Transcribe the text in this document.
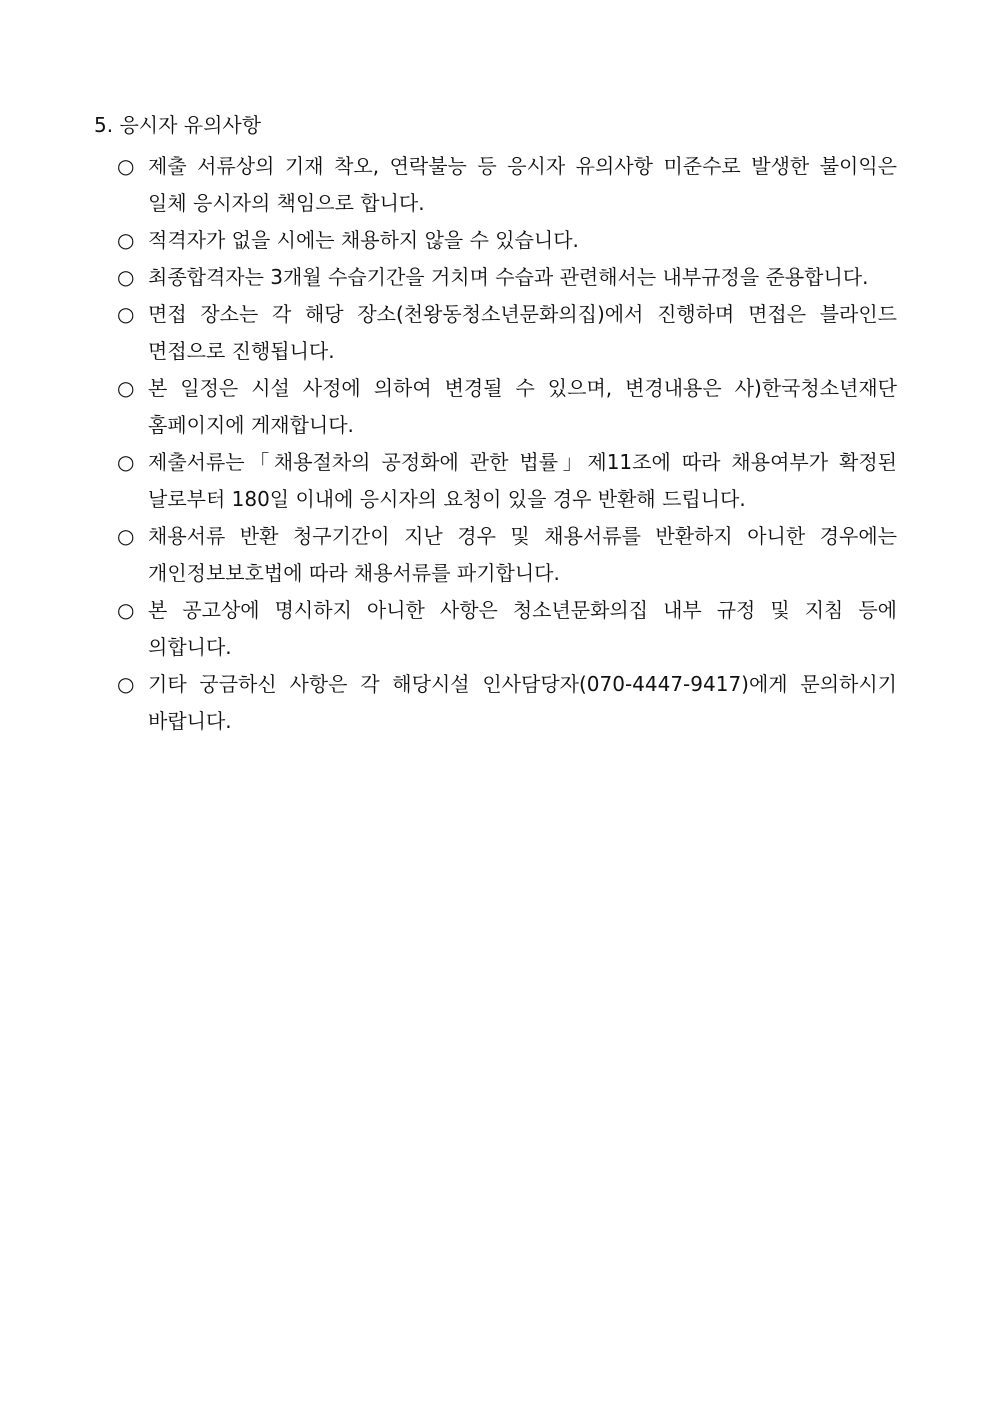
5. 응시자 유의사항
○ 제출 서류상의 기재 착오, 연락불능 등 응시자 유의사항 미준수로 발생한 불이익은 일체 응시자의 책임으로 합니다.
○ 적격자가 없을 시에는 채용하지 않을 수 있습니다.
○ 최종합격자는 3개월 수습기간을 거치며 수습과 관련해서는 내부규정을 준용합니다.
○ 면접 장소는 각 해당 장소(천왕동청소년문화의집)에서 진행하며 면접은 블라인드 면접으로 진행됩니다.
○ 본 일정은 시설 사정에 의하여 변경될 수 있으며, 변경내용은 사)한국청소년재단 홈페이지에 게재합니다.
○ 제출서류는「채용절차의 공정화에 관한 법률」제11조에 따라 채용여부가 확정된 날로부터 180일 이내에 응시자의 요청이 있을 경우 반환해 드립니다.
○ 채용서류 반환 청구기간이 지난 경우 및 채용서류를 반환하지 아니한 경우에는 개인정보보호법에 따라 채용서류를 파기합니다.
○ 본 공고상에 명시하지 아니한 사항은 청소년문화의집 내부 규정 및 지침 등에 의합니다.
○ 기타 궁금하신 사항은 각 해당시설 인사담당자(070-4447-9417)에게 문의하시기 바랍니다.
